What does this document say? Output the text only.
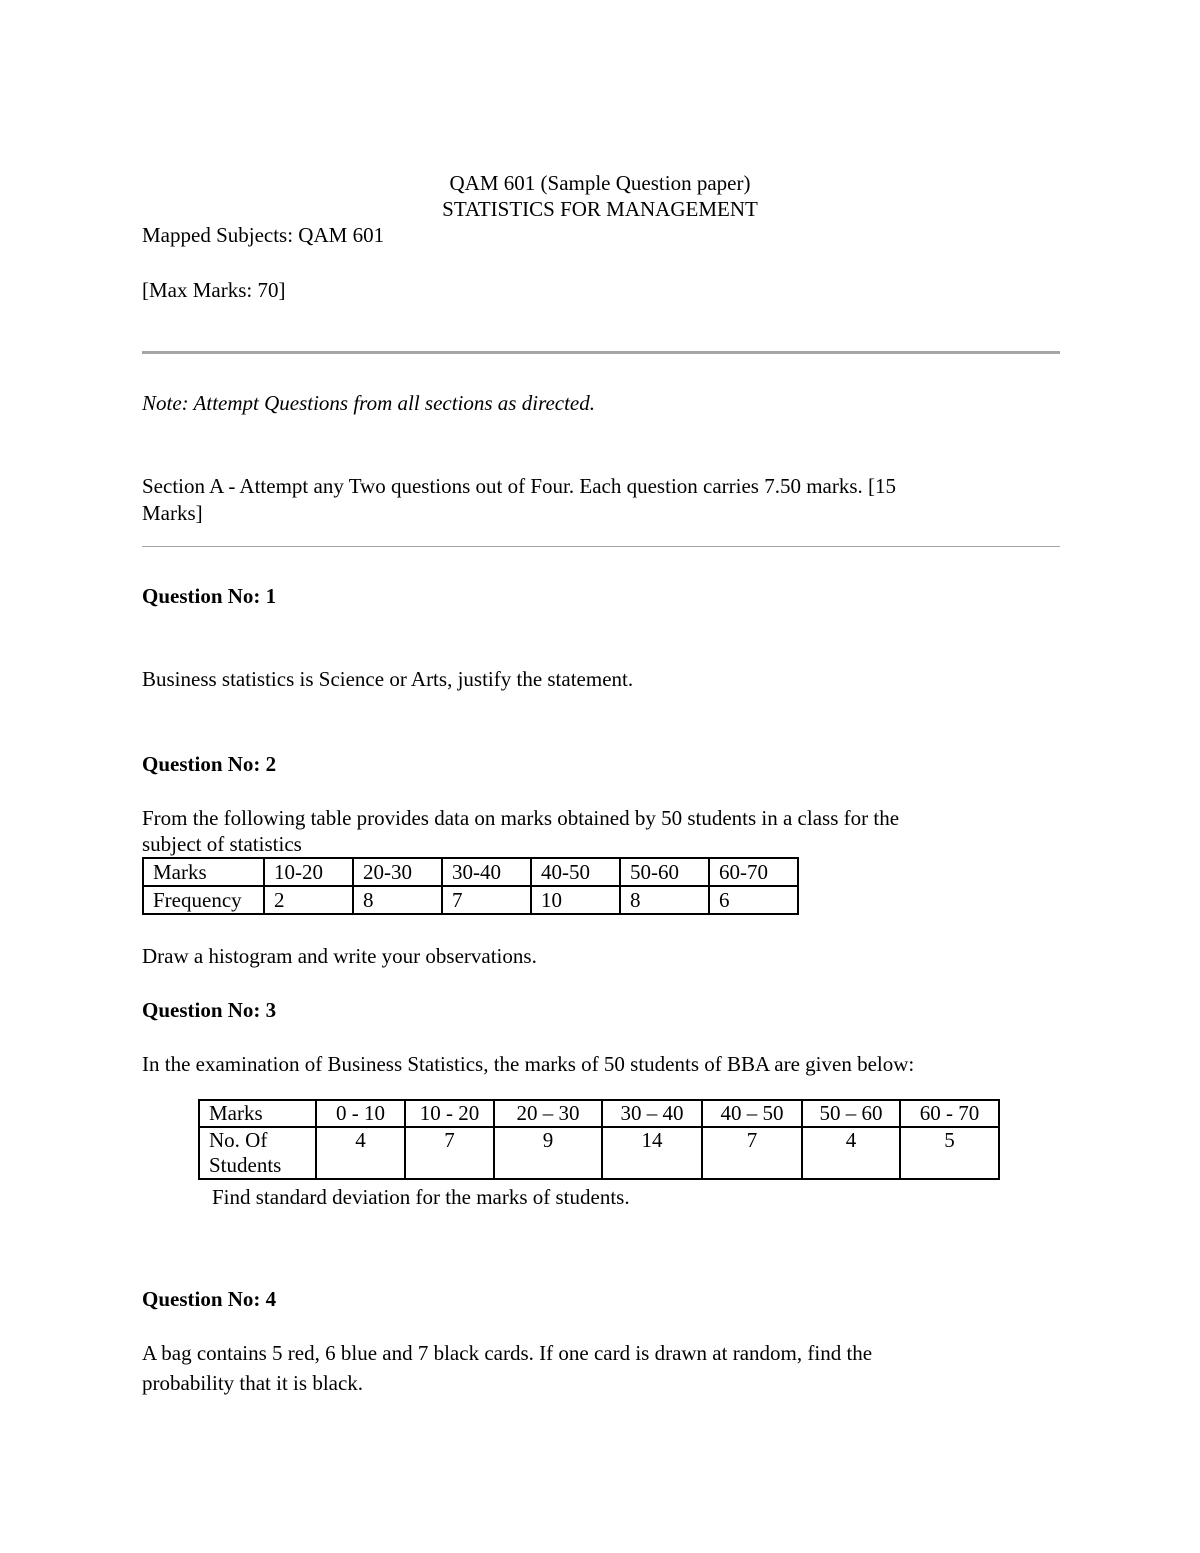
QAM 601 (Sample Question paper)
STATISTICS FOR MANAGEMENT
Mapped Subjects: QAM 601
[Max Marks: 70]
Note: Attempt Questions from all sections as directed.
Section A - Attempt any Two questions out of Four. Each question carries 7.50 marks. [15
Marks]
Question No: 1
Business statistics is Science or Arts, justify the statement.
Question No: 2
From the following table provides data on marks obtained by 50 students in a class for the
subject of statistics
Marks	10-20	20-30	30-40	40-50	50-60	60-70
Frequency	2	8	7	10	8	6
Draw a histogram and write your observations.
Question No: 3
In the examination of Business Statistics, the marks of 50 students of BBA are given below:
Marks	0 - 10	10 - 20	20 – 30	30 – 40	40 – 50	50 – 60	60 - 70

No. Of
Students	4	7	9	14	7	4	5
Find standard deviation for the marks of students.
Question No: 4
A bag contains 5 red, 6 blue and 7 black cards. If one card is drawn at random, find the
probability that it is black.
